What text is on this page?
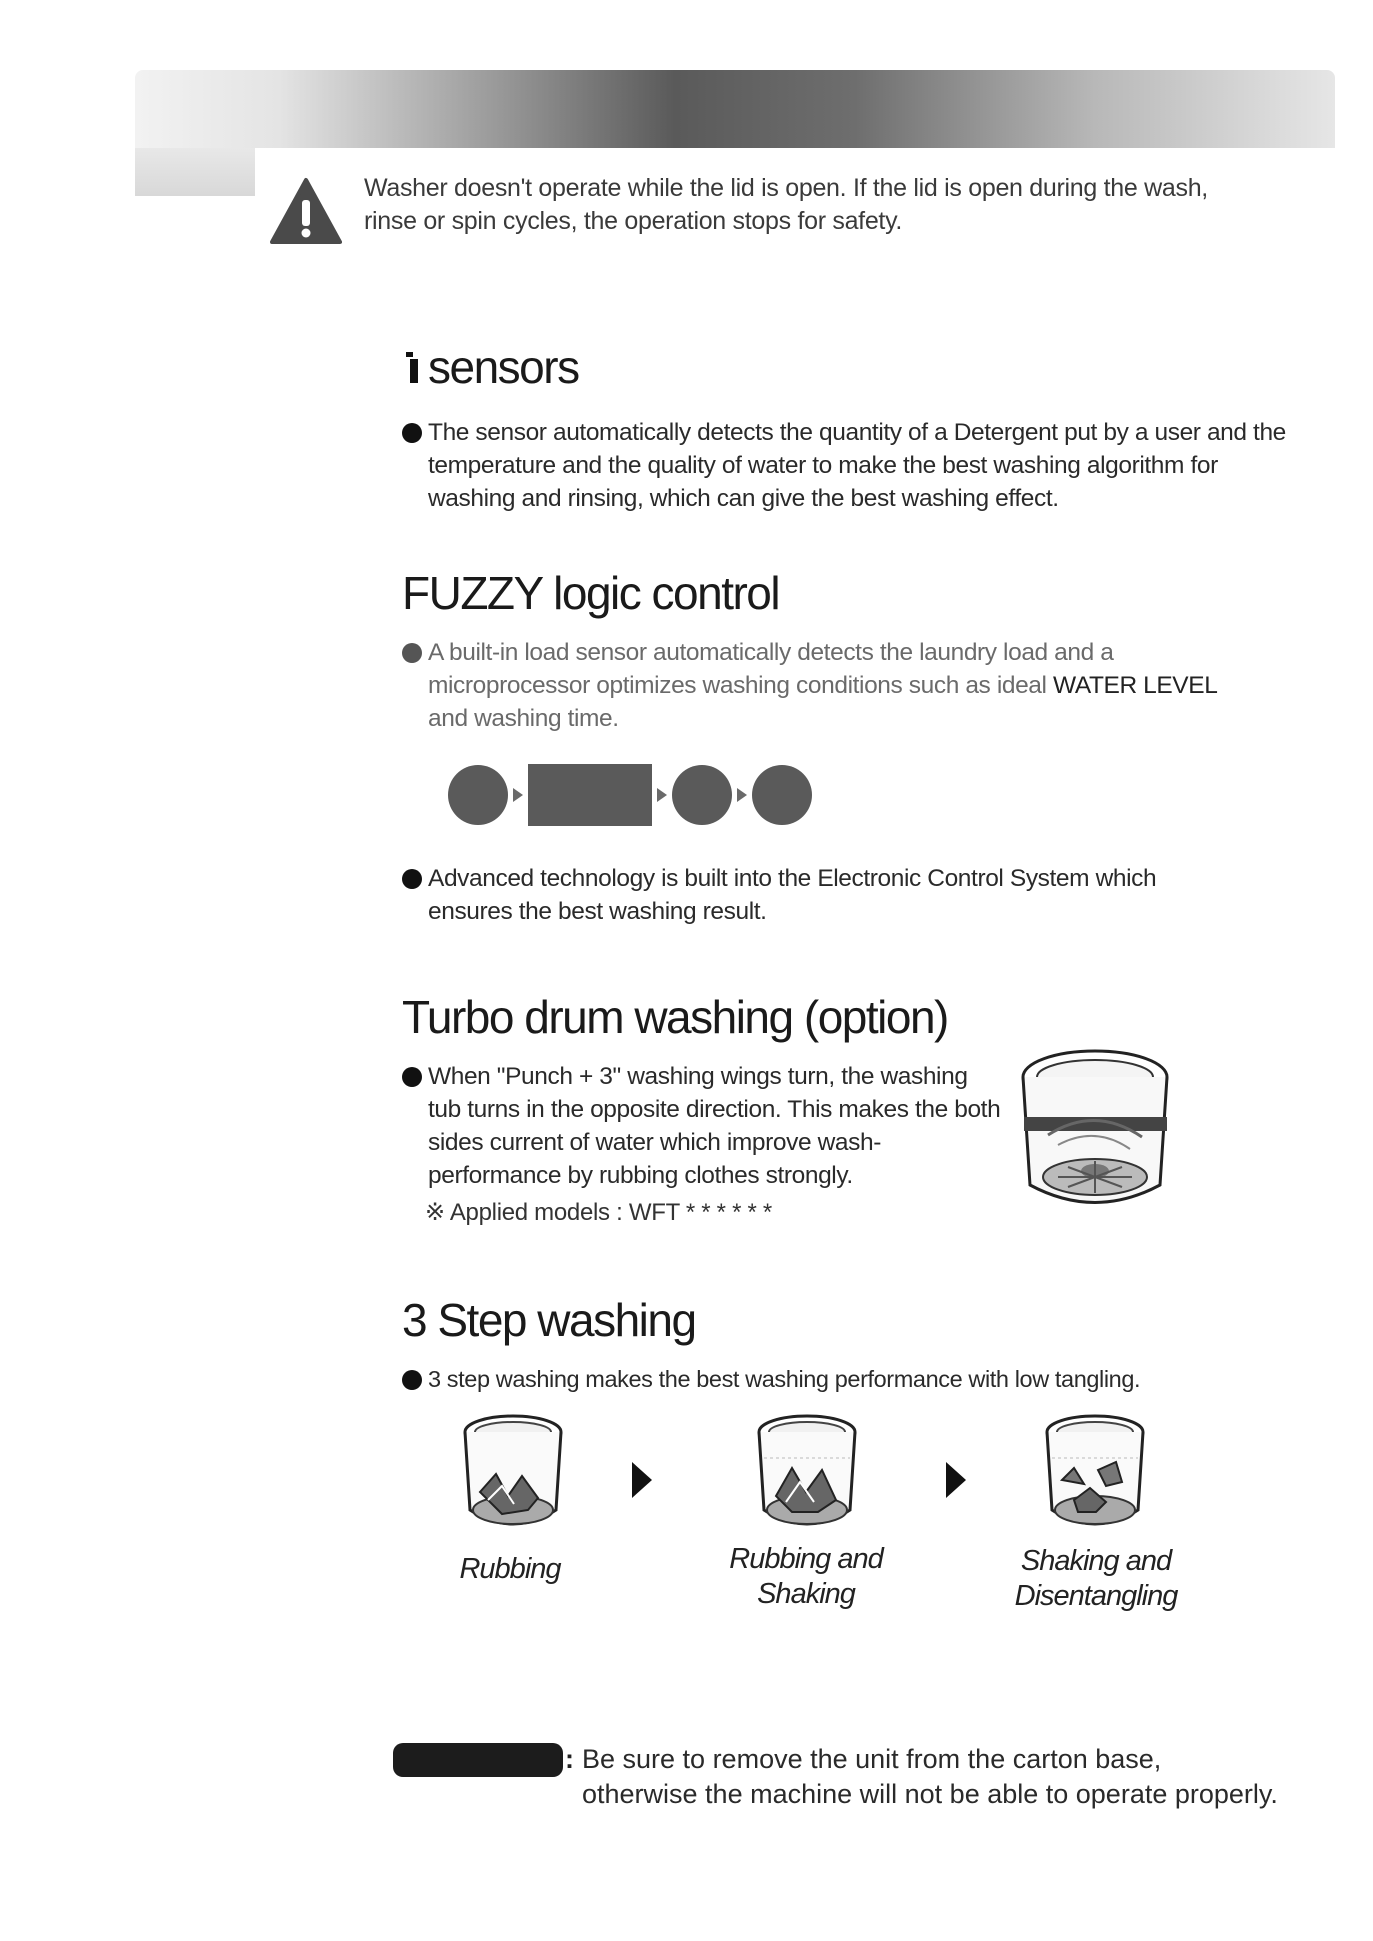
Washer doesn't operate while the lid is open. If the lid is open during the wash,
rinse or spin cycles, the operation stops for safety.
sensors
The sensor automatically detects the quantity of a Detergent put by a user and the
temperature and the quality of water to make the best washing algorithm for
washing and rinsing, which can give the best washing effect.
FUZZY logic control
A built-in load sensor automatically detects the laundry load and a
microprocessor optimizes washing conditions such as ideal WATER LEVEL
and washing time.
Advanced technology is built into the Electronic Control System which
ensures the best washing result.
Turbo drum washing (option)
When "Punch + 3" washing wings turn, the washing
tub turns in the opposite direction. This makes the both
sides current of water which improve wash-
performance by rubbing clothes strongly.
※ Applied models : WFT * * * * * *
3 Step washing
3 step washing makes the best washing performance with low tangling.
Rubbing	Rubbing and
Shaking
Shaking and
Disentangling
: Be sure to remove the unit from the carton base,
otherwise the machine will not be able to operate properly.
